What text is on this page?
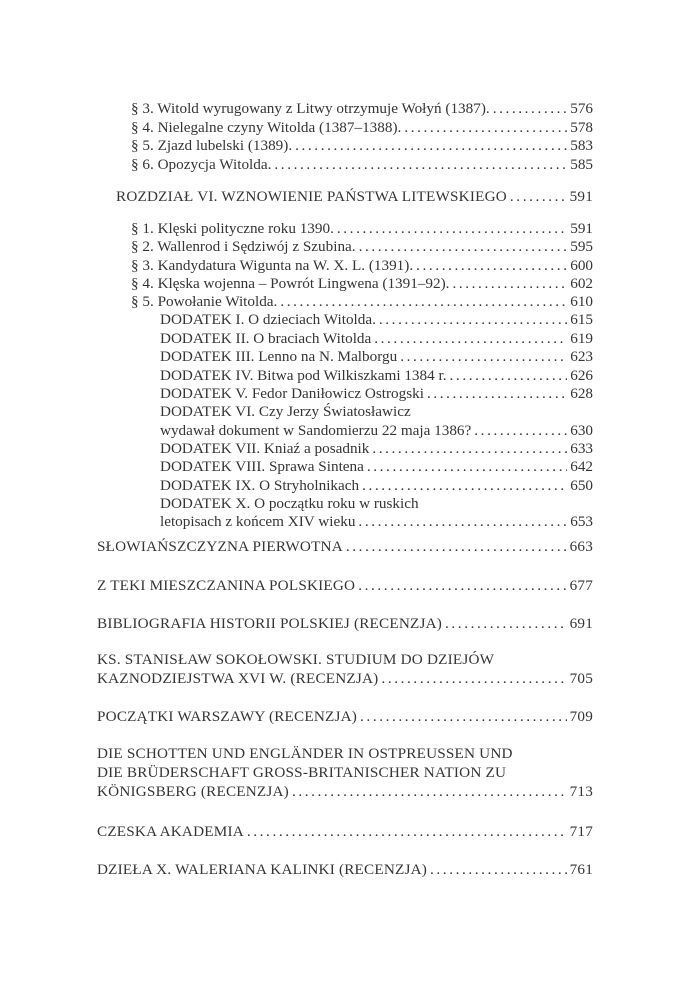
§ 3. Witold wyrugowany z Litwy otrzymuje Wołyń (1387). . . .	576
§ 4. Nielegalne czyny Witolda (1387–1388). . . .	578
§ 5. Zjazd lubelski (1389). . . .	583
§ 6. Opozycja Witolda. . . .	585
ROZDZIAŁ VI. WZNOWIENIE PAŃSTWA LITEWSKIEGO . . .	591
§ 1. Klęski polityczne roku 1390. . . .	591
§ 2. Wallenrod i Sędziwój z Szubina. . . .	595
§ 3. Kandydatura Wigunta na W. X. L. (1391). . . .	600
§ 4. Klęska wojenna – Powrót Lingwena (1391–92). . . .	602
§ 5. Powołanie Witolda. . . .	610
DODATEK I. O dzieciach Witolda. . . .	615
DODATEK II. O braciach Witolda . . .	619
DODATEK III. Lenno na N. Malborgu . . .	623
DODATEK IV. Bitwa pod Wilkiszkami 1384 r. . . .	626
DODATEK V. Fedor Daniłowicz Ostrogski . . .	628
DODATEK VI. Czy Jerzy Światosławicz
wydawał dokument w Sandomierzu 22 maja 1386? . . .	630
DODATEK VII. Kniaź a posadnik . . .	633
DODATEK VIII. Sprawa Sintena . . .	642
DODATEK IX. O Stryholnikach . . .	650
DODATEK X. O początku roku w ruskich
letopisach z końcem XIV wieku . . .	653
SŁOWIAŃSZCZYZNA PIERWOTNA . . .	663
Z TEKI MIESZCZANINA POLSKIEGO . . .	677
BIBLIOGRAFIA HISTORII POLSKIEJ (RECENZJA) . . .	691
KS. STANISŁAW SOKOŁOWSKI. STUDIUM DO DZIEJÓW
KAZNODZIEJSTWA XVI W. (RECENZJA) . . .	705
POCZĄTKI WARSZAWY (RECENZJA) . . .	709
DIE SCHOTTEN UND ENGLÄNDER IN OSTPREUSSEN UND
DIE BRÜDERSCHAFT GROSS-BRITANISCHER NATION ZU
KÖNIGSBERG (RECENZJA) . . .	713
CZESKA AKADEMIA . . .	717
DZIEŁA X. WALERIANA KALINKI (RECENZJA) . . .	761
